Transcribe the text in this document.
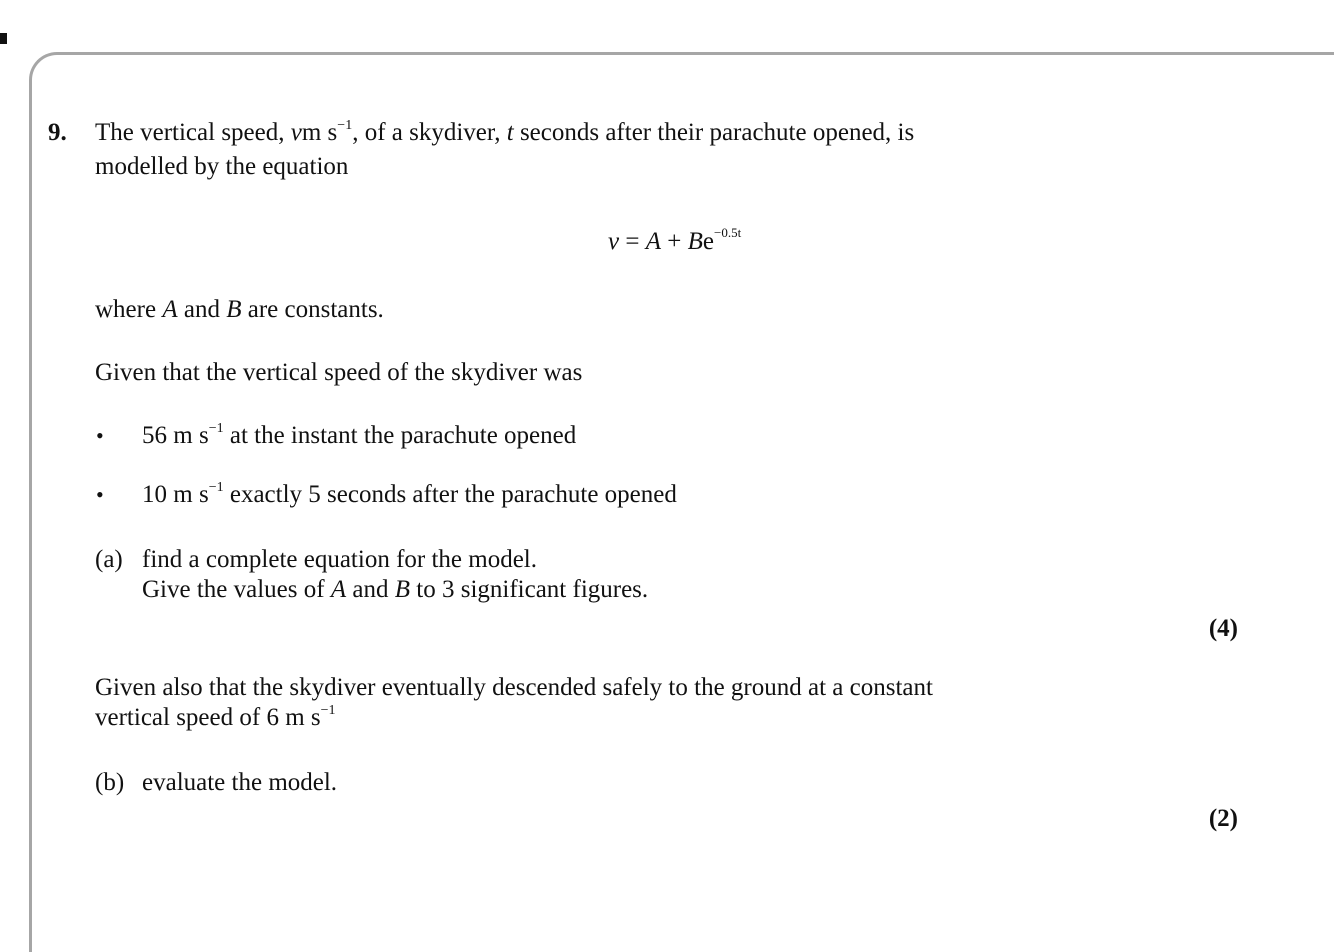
9. The vertical speed, vm $s^{-1}$, of a skydiver, t seconds after their parachute opened, is
modelled by the equation
$v = A + Be^{-0.5t}$
where A and B are constants.
Given that the vertical speed of the skydiver was
• 56 m $s^{-1}$ at the instant the parachute opened
• 10 m $s^{-1}$ exactly 5 seconds after the parachute opened
(a) find a complete equation for the model.
Give the values of A and B to 3 significant figures.
(4)
Given also that the skydiver eventually descended safely to the ground at a constant
vertical speed of 6 m $s^{-1}$
(b) evaluate the model.
(2)
